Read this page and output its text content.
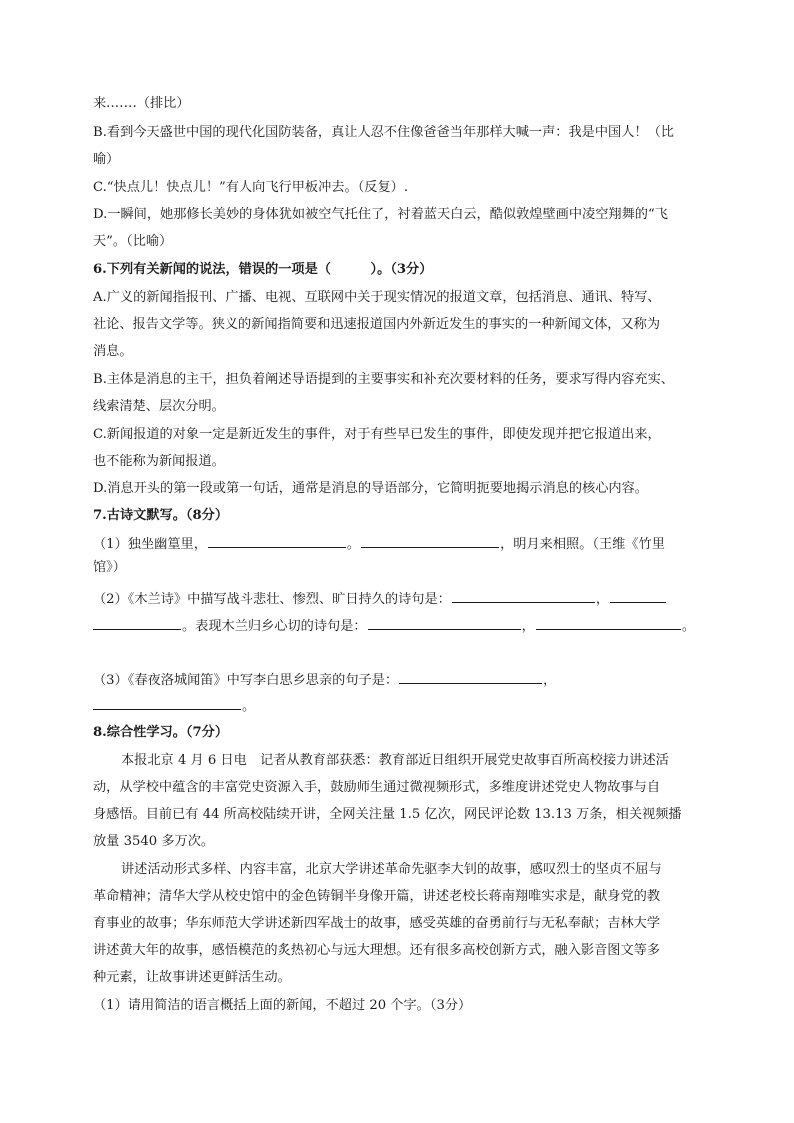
来.……（排比）
B.看到今天盛世中国的现代化国防装备，真让人忍不住像爸爸当年那样大喊一声：我是中国人！（比
喻）
C.“快点儿！快点儿！”有人向飞行甲板冲去。（反复）.
D.一瞬间，她那修长美妙的身体犹如被空气托住了，衬着蓝天白云，酷似敦煌壁画中凌空翔舞的“飞
天”。（比喻）
6.下列有关新闻的说法，错误的一项是（　　　）。（3分）
A.广义的新闻指报刊、广播、电视、互联网中关于现实情况的报道文章，包括消息、通讯、特写、
社论、报告文学等。狭义的新闻指简要和迅速报道国内外新近发生的事实的一种新闻文体，又称为
消息。
B.主体是消息的主干，担负着阐述导语提到的主要事实和补充次要材料的任务，要求写得内容充实、
线索清楚、层次分明。
C.新闻报道的对象一定是新近发生的事件，对于有些早已发生的事件，即使发现并把它报道出来，
也不能称为新闻报道。
D.消息开头的第一段或第一句话，通常是消息的导语部分，它简明扼要地揭示消息的核心内容。
7.古诗文默写。（8分）
（1）独坐幽篁里，	。	，明月来相照。（王维《竹里
馆》）
（2）《木兰诗》中描写战斗悲壮、惨烈、旷日持久的诗句是：	，
。表现木兰归乡心切的诗句是：	，	。
（3）《春夜洛城闻笛》中写李白思乡思亲的句子是：	，
。
8.综合性学习。（7分）
本报北京 4 月 6 日电　记者从教育部获悉：教育部近日组织开展党史故事百所高校接力讲述活
动，从学校中蕴含的丰富党史资源入手，鼓励师生通过微视频形式，多维度讲述党史人物故事与自
身感悟。目前已有 44 所高校陆续开讲，全网关注量 1.5 亿次，网民评论数 13.13 万条，相关视频播
放量 3540 多万次。
讲述活动形式多样、内容丰富，北京大学讲述革命先驱李大钊的故事，感叹烈士的坚贞不屈与
革命精神；清华大学从校史馆中的金色铸铜半身像开篇，讲述老校长蒋南翔唯实求是，献身党的教
育事业的故事；华东师范大学讲述新四军战士的故事，感受英雄的奋勇前行与无私奉献；吉林大学
讲述黄大年的故事，感悟模范的炙热初心与远大理想。还有很多高校创新方式，融入影音图文等多
种元素，让故事讲述更鲜活生动。
（1）请用简洁的语言概括上面的新闻，不超过 20 个字。（3分）
